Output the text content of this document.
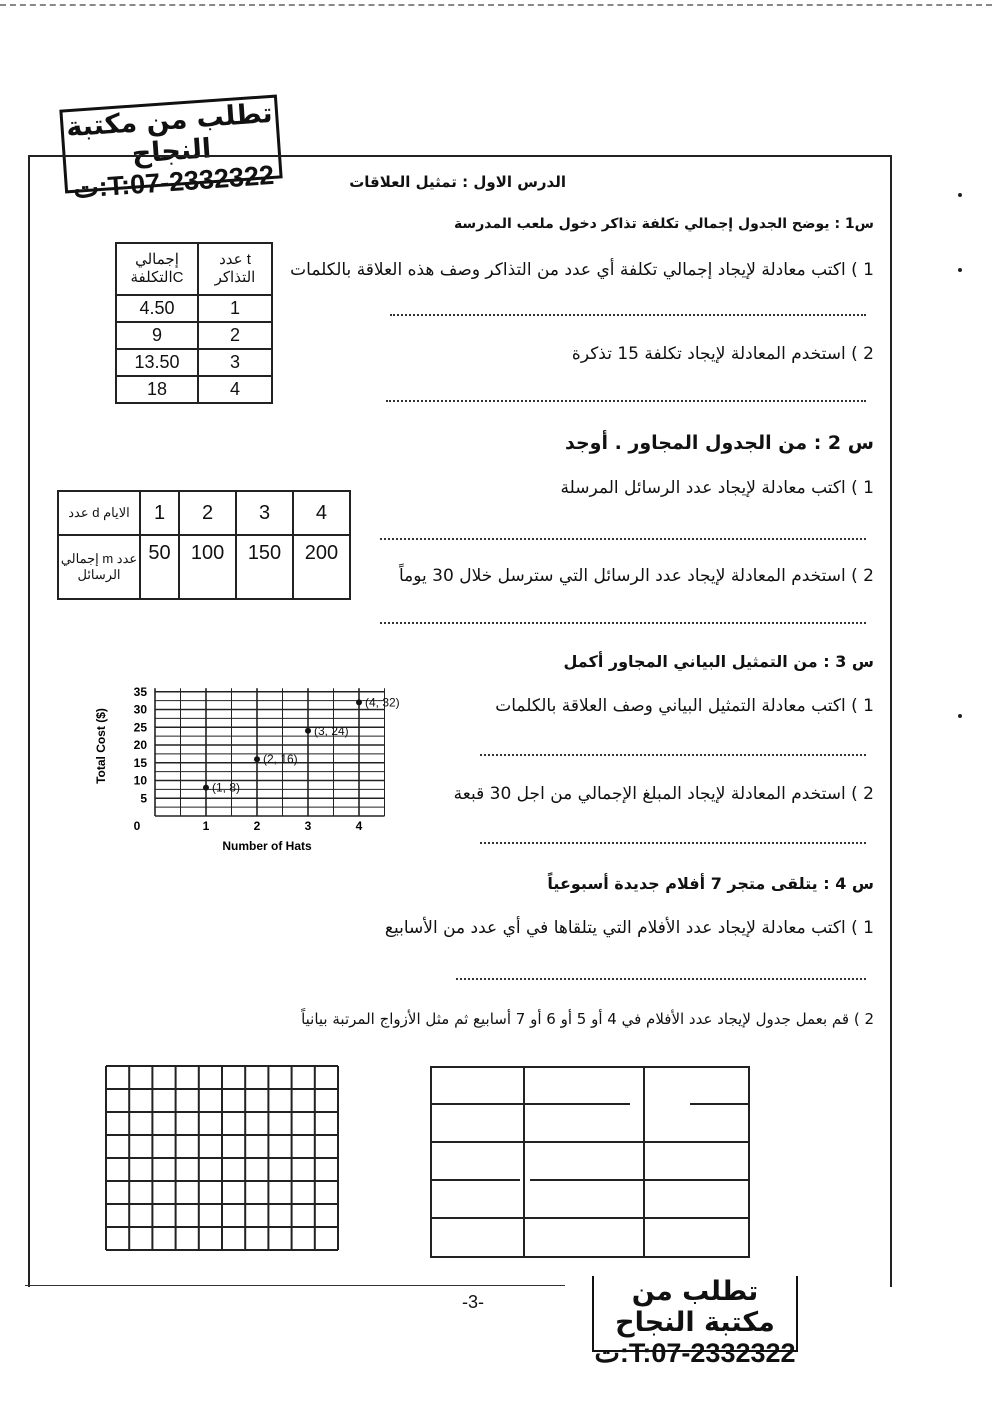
تطلب من مكتبة النجاح
T:07-2332322:ت	الدرس الاول : تمثيل العلاقات
س1 : يوضح الجدول إجمالي تكلفة تذاكر دخول ملعب المدرسة
1 ) اكتب معادلة لإيجاد إجمالي تكلفة أي عدد من التذاكر وصف هذه العلاقة بالكلمات
2 ) استخدم المعادلة لإيجاد تكلفة 15 تذكرة
إجمالي التكلفةC	عدد t التذاكر
4.50	1
9	2
13.50	3
18	4
س 2 : من الجدول المجاور . أوجد
1 ) اكتب معادلة لإيجاد عدد الرسائل المرسلة
2 ) استخدم المعادلة لإيجاد عدد الرسائل التي سترسل خلال 30 يوماً
عدد d الايام	1	2	3	4
إجمالي m عدد الرسائل	50	100	150	200
س 3 : من التمثيل البياني المجاور أكمل
1 ) اكتب معادلة التمثيل البياني وصف العلاقة بالكلمات
2 ) استخدم المعادلة لإيجاد المبلغ الإجمالي من اجل 30 قبعة
0	1	2	3	4
5
10
15
20
25
30
35
(1, 8)
(2, 16)
(3, 24)
(4, 32)
Number of Hats
Total Cost ($)
س 4 : يتلقى متجر 7 أفلام جديدة أسبوعياً
1 ) اكتب معادلة لإيجاد عدد الأفلام التي يتلقاها في أي عدد من الأسابيع
2 ) قم بعمل جدول لإيجاد عدد الأفلام في 4 أو 5 أو 6 أو 7 أسابيع ثم مثل الأزواج المرتبة بيانياً
-3-	تطلب من مكتبة النجاح
T:07-2332322:ت
